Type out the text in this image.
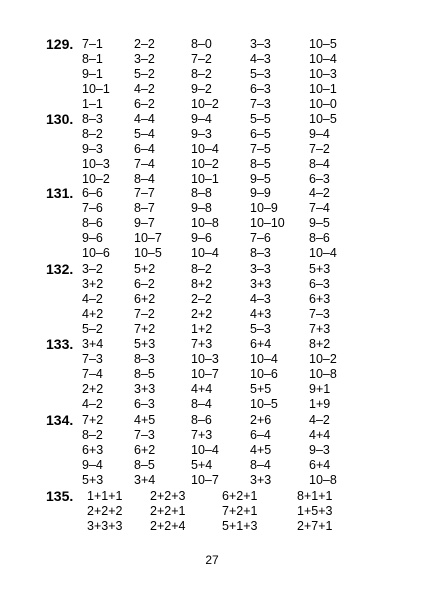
129. 7–1
8–1
9–1
10–1
1–1
2–2
3–2
5–2
4–2
6–2
8–0
7–2
8–2
9–2
10–2
3–3
4–3
5–3
6–3
7–3
10–5
10–4
10–3
10–1
10–0
130. 8–3
8–2
9–3
10–3
10–2
4–4
5–4
6–4
7–4
8–4
9–4
9–3
10–4
10–2
10–1
5–5
6–5
7–5
8–5
9–5
10–5
9–4
7–2
8–4
6–3
131. 6–6
7–6
8–6
9–6
10–6
7–7
8–7
9–7
10–7
10–5
8–8
9–8
10–8
9–6
10–4
9–9
10–9
10–10
7–6
8–3
4–2
7–4
9–5
8–6
10–4
132. 3–2
3+2
4–2
4+2
5–2
5+2
6–2
6+2
7–2
7+2
8–2
8+2
2–2
2+2
1+2
3–3
3+3
4–3
4+3
5–3
5+3
6–3
6+3
7–3
7+3
133. 3+4
7–3
7–4
2+2
4–2
5+3
8–3
8–5
3+3
6–3
7+3
10–3
10–7
4+4
8–4
6+4
10–4
10–6
5+5
10–5
8+2
10–2
10–8
9+1
1+9
134. 7+2
8–2
6+3
9–4
5+3
4+5
7–3
6+2
8–5
3+4
8–6
7+3
10–4
5+4
10–7
2+6
6–4
4+5
8–4
3+3
4–2
4+4
9–3
6+4
10–8
135. 1+1+1
2+2+2
3+3+3
2+2+3
2+2+1
2+2+4
6+2+1
7+2+1
5+1+3
8+1+1
1+5+3
2+7+1
27
